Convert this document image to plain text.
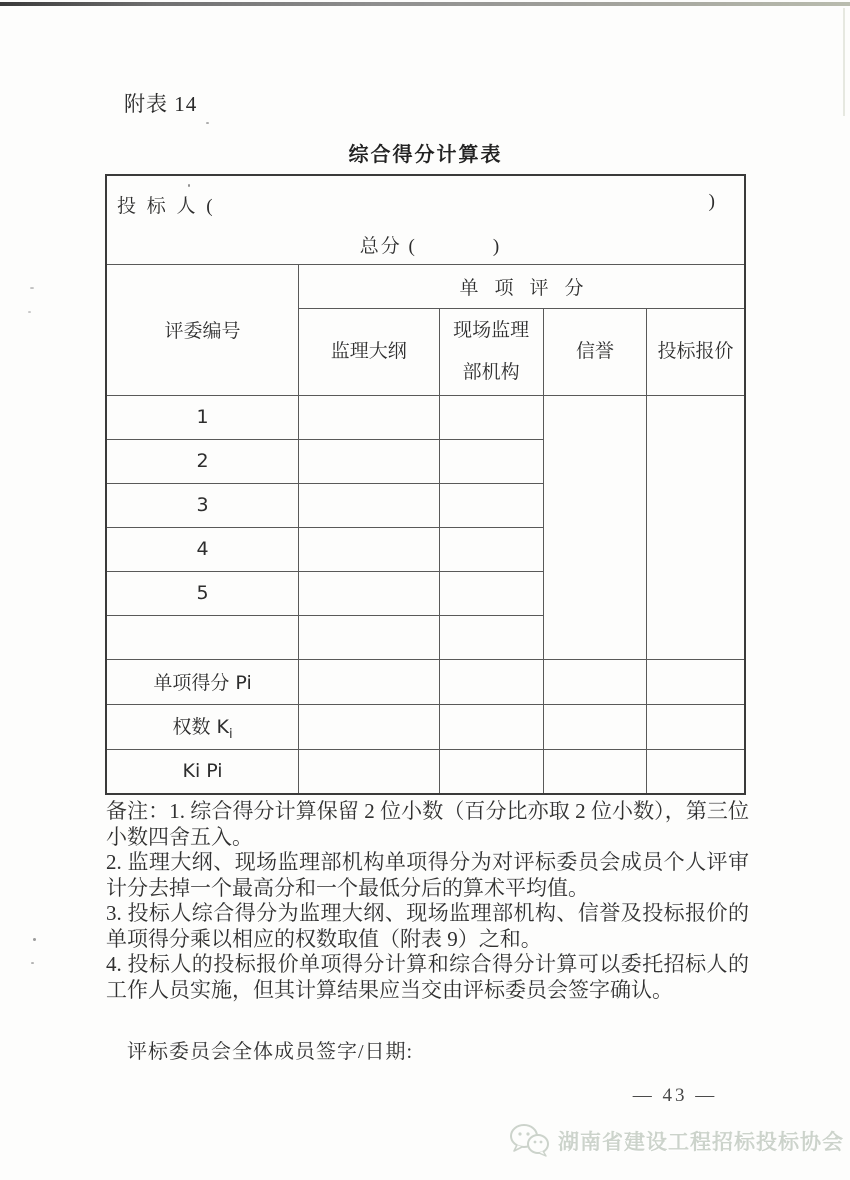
附表 14
综合得分计算表
投 标 人 ( )
总分 ( )				

评委编号	单项评分			
	监理大纲	现场监理部机构	信誉	投标报价
1				
2				
3				
4				
5				

单项得分 Pi				
权数 $K_i$				
Ki Pi				
备注：1. 综合得分计算保留 2 位小数（百分比亦取 2 位小数），第三位小数四舍五入。
2. 监理大纲、现场监理部机构单项得分为对评标委员会成员个人评审计分去掉一个最高分和一个最低分后的算术平均值。
3. 投标人综合得分为监理大纲、现场监理部机构、信誉及投标报价的单项得分乘以相应的权数取值（附表 9）之和。
4. 投标人的投标报价单项得分计算和综合得分计算可以委托招标人的工作人员实施，但其计算结果应当交由评标委员会签字确认。
评标委员会全体成员签字/日期:
— 43 —
湖南省建设工程招标投标协会
